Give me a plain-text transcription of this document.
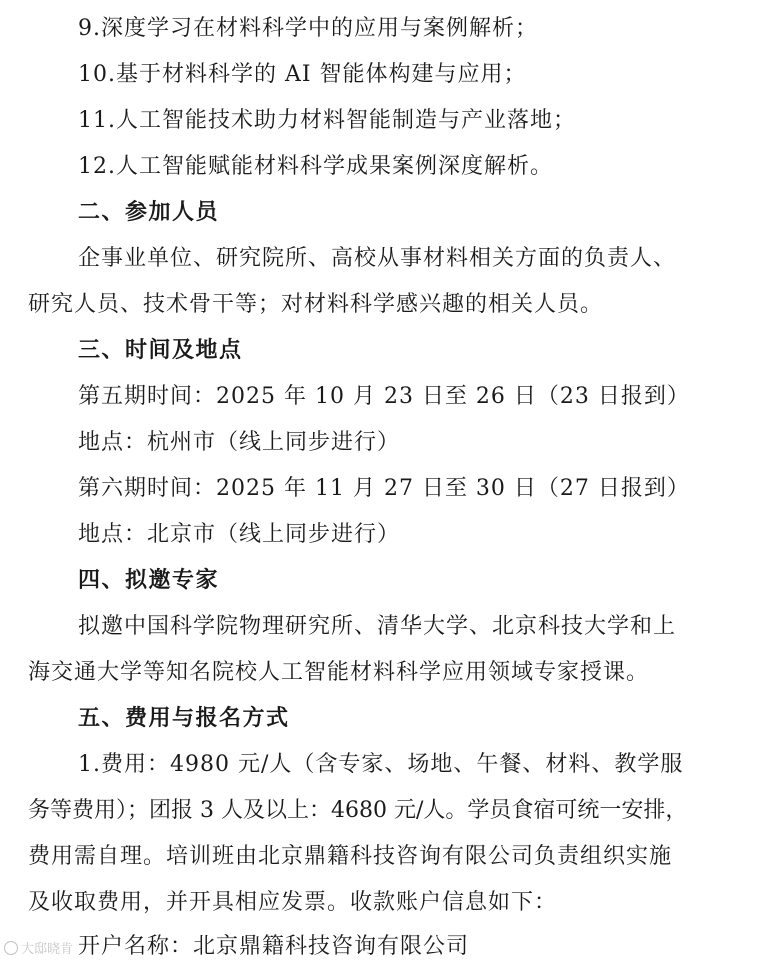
9.深度学习在材料科学中的应用与案例解析；
10.基于材料科学的 AI 智能体构建与应用；
11.人工智能技术助力材料智能制造与产业落地；
12.人工智能赋能材料科学成果案例深度解析。
二、参加人员
企事业单位、研究院所、高校从事材料相关方面的负责人、
研究人员、技术骨干等；对材料科学感兴趣的相关人员。
三、时间及地点
第五期时间：2025 年 10 月 23 日至 26 日（23 日报到）
地点：杭州市（线上同步进行）
第六期时间：2025 年 11 月 27 日至 30 日（27 日报到）
地点：北京市（线上同步进行）
四、拟邀专家
拟邀中国科学院物理研究所、清华大学、北京科技大学和上
海交通大学等知名院校人工智能材料科学应用领域专家授课。
五、费用与报名方式
1.费用：4980 元/人（含专家、场地、午餐、材料、教学服
务等费用）；团报 3 人及以上：4680 元/人。学员食宿可统一安排，
费用需自理。培训班由北京鼎籍科技咨询有限公司负责组织实施
及收取费用，并开具相应发票。收款账户信息如下：
开户名称：北京鼎籍科技咨询有限公司
大邸晓肯
